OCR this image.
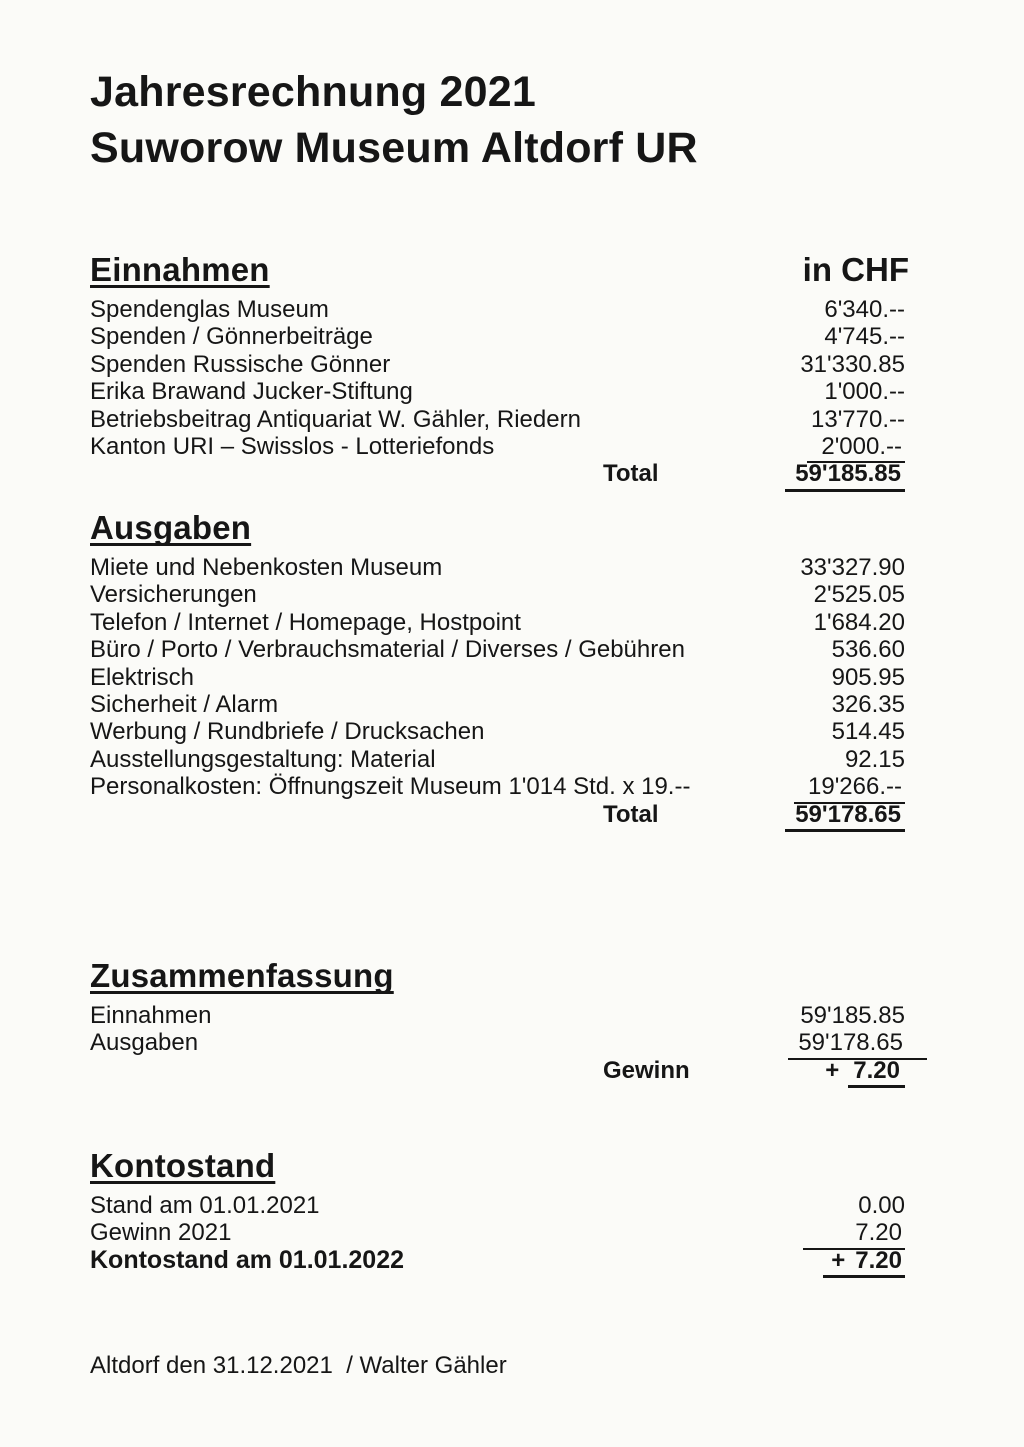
Jahresrechnung 2021
Suworow Museum Altdorf UR
Einnahmen	in CHF
Spendenglas Museum	6'340.--
Spenden / Gönnerbeiträge	4'745.--
Spenden Russische Gönner	31'330.85
Erika Brawand Jucker-Stiftung	1'000.--
Betriebsbeitrag Antiquariat W. Gähler, Riedern	13'770.--
Kanton URI – Swisslos - Lotteriefonds	2'000.--
Total	59'185.85
Ausgaben
Miete und Nebenkosten Museum	33'327.90
Versicherungen	2'525.05
Telefon / Internet / Homepage, Hostpoint	1'684.20
Büro / Porto / Verbrauchsmaterial / Diverses / Gebühren	536.60
Elektrisch	905.95
Sicherheit / Alarm	326.35
Werbung / Rundbriefe / Drucksachen	514.45
Ausstellungsgestaltung: Material	92.15
Personalkosten: Öffnungszeit Museum 1'014 Std. x 19.--	19'266.--
Total	59'178.65
Zusammenfassung
Einnahmen	59'185.85
Ausgaben	59'178.65
Gewinn	+ 7.20
Kontostand
Stand am 01.01.2021	0.00
Gewinn 2021	7.20
Kontostand am 01.01.2022	+ 7.20
Altdorf den 31.12.2021  / Walter Gähler
